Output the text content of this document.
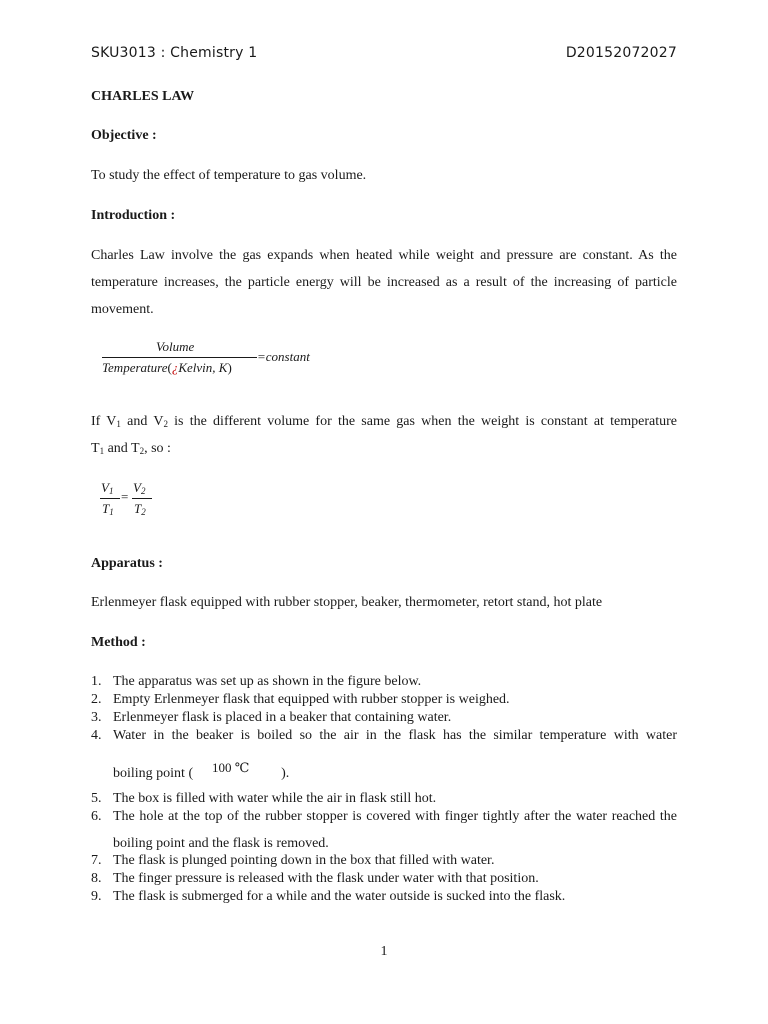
SKU3013 : Chemistry 1	D20152072027
CHARLES LAW
Objective :
To study the effect of temperature to gas volume.
Introduction :
Charles Law involve the gas expands when heated while weight and pressure are constant. As the temperature increases, the particle energy will be increased as a result of the increasing of particle movement.
Volume
Temperature(¿Kelvin, K)
=constant
If $V_1$ and $V_2$ is the different volume for the same gas when the weight is constant at temperature
$T_1$ and $T_2$, so :
$V_1$
$T_1$
=
$V_2$
$T_2$
Apparatus :
Erlenmeyer flask equipped with rubber stopper, beaker, thermometer, retort stand, hot plate
Method :
1. The apparatus was set up as shown in the figure below.
2. Empty Erlenmeyer flask that equipped with rubber stopper is weighed.
3. Erlenmeyer flask is placed in a beaker that containing water.
4. Water in the beaker is boiled so the air in the flask has the similar temperature with water
boiling point (	).
100 ℃
5. The box is filled with water while the air in flask still hot.
6. The hole at the top of the rubber stopper is covered with finger tightly after the water reached the boiling point and the flask is removed.
7. The flask is plunged pointing down in the box that filled with water.
8. The finger pressure is released with the flask under water with that position.
9. The flask is submerged for a while and the water outside is sucked into the flask.
1
